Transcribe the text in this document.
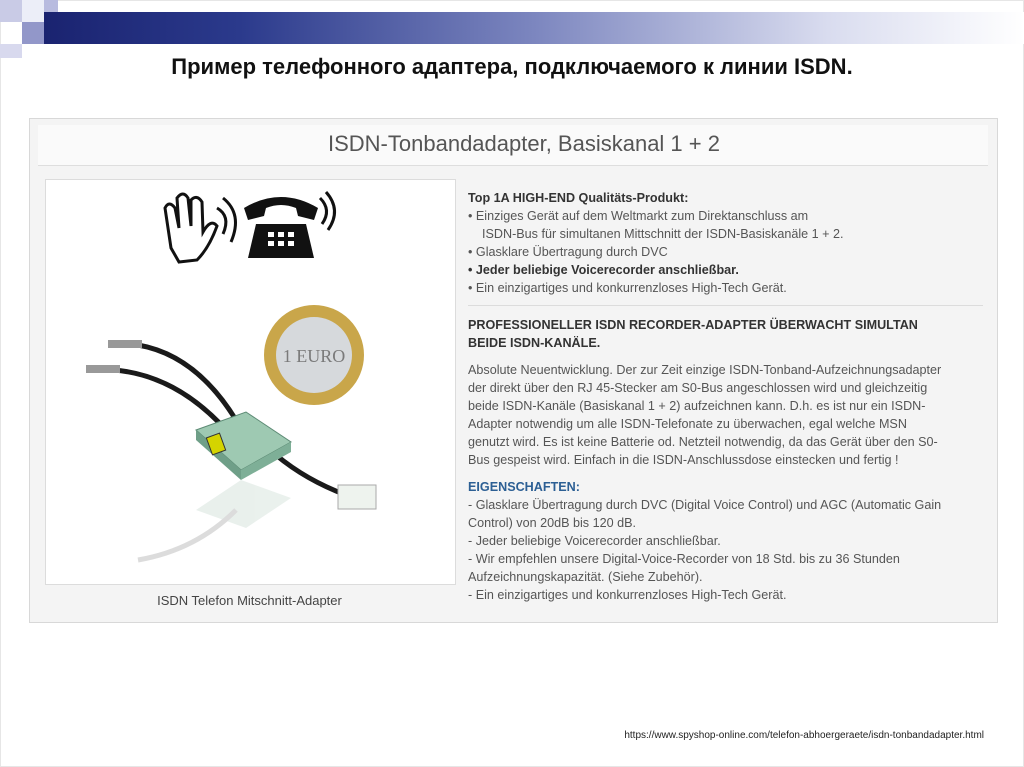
Пример телефонного адаптера, подключаемого к линии ISDN.
ISDN-Tonbandadapter, Basiskanal 1 + 2
1 EURO
ISDN Telefon Mitschnitt-Adapter
Top 1A HIGH-END Qualitäts-Produkt:
• Einziges Gerät auf dem Weltmarkt zum Direktanschluss am
ISDN-Bus für simultanen Mittschnitt der ISDN-Basiskanäle 1 + 2.
• Glasklare Übertragung durch DVC
• Jeder beliebige Voicerecorder anschließbar.
• Ein einzigartiges und konkurrenzloses High-Tech Gerät.
PROFESSIONELLER ISDN RECORDER-ADAPTER ÜBERWACHT SIMULTAN
BEIDE ISDN-KANÄLE.
Absolute Neuentwicklung. Der zur Zeit einzige ISDN-Tonband-Aufzeichnungsadapter
der direkt über den RJ 45-Stecker am S0-Bus angeschlossen wird und gleichzeitig
beide ISDN-Kanäle (Basiskanal 1 + 2) aufzeichnen kann. D.h. es ist nur ein ISDN-
Adapter notwendig um alle ISDN-Telefonate zu überwachen, egal welche MSN
genutzt wird. Es ist keine Batterie od. Netzteil notwendig, da das Gerät über den S0-
Bus gespeist wird. Einfach in die ISDN-Anschlussdose einstecken und fertig !
EIGENSCHAFTEN:
- Glasklare Übertragung durch DVC (Digital Voice Control) und AGC (Automatic Gain
Control) von 20dB bis 120 dB.
- Jeder beliebige Voicerecorder anschließbar.
- Wir empfehlen unsere Digital-Voice-Recorder von 18 Std. bis zu 36 Stunden
Aufzeichnungskapazität. (Siehe Zubehör).
- Ein einzigartiges und konkurrenzloses High-Tech Gerät.
https://www.spyshop-online.com/telefon-abhoergeraete/isdn-tonbandadapter.html
